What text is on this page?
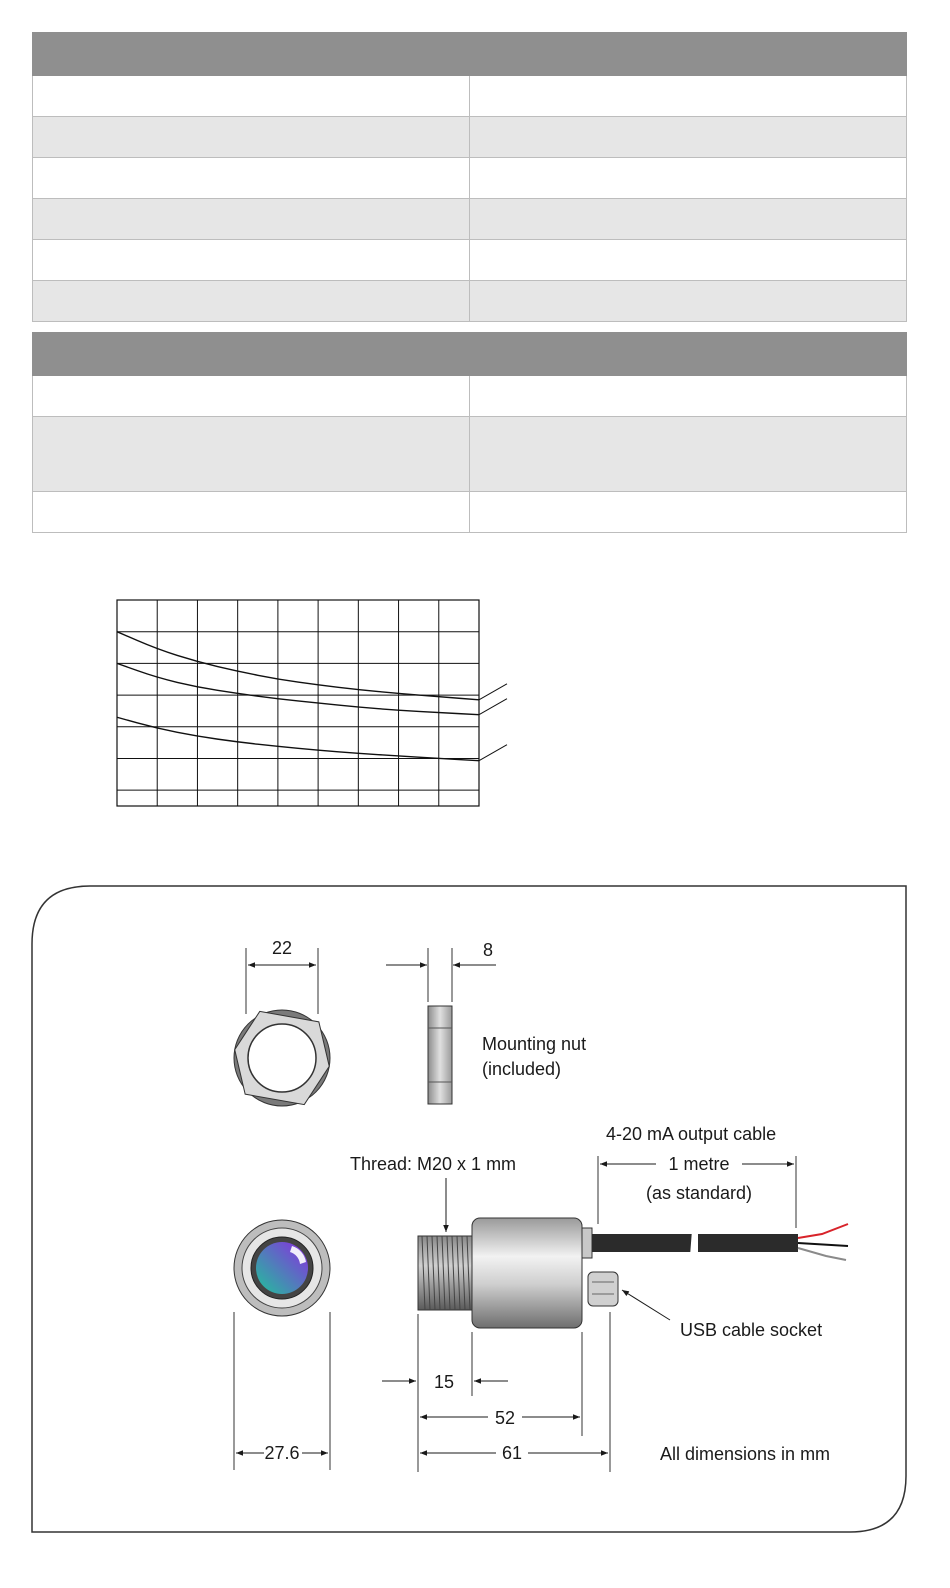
22	8
Mounting nut
(included)
27.6
Thread: M20 x 1 mm
4-20 mA output cable
1 metre
(as standard)
USB cable socket
15
52
61	All dimensions in mm
